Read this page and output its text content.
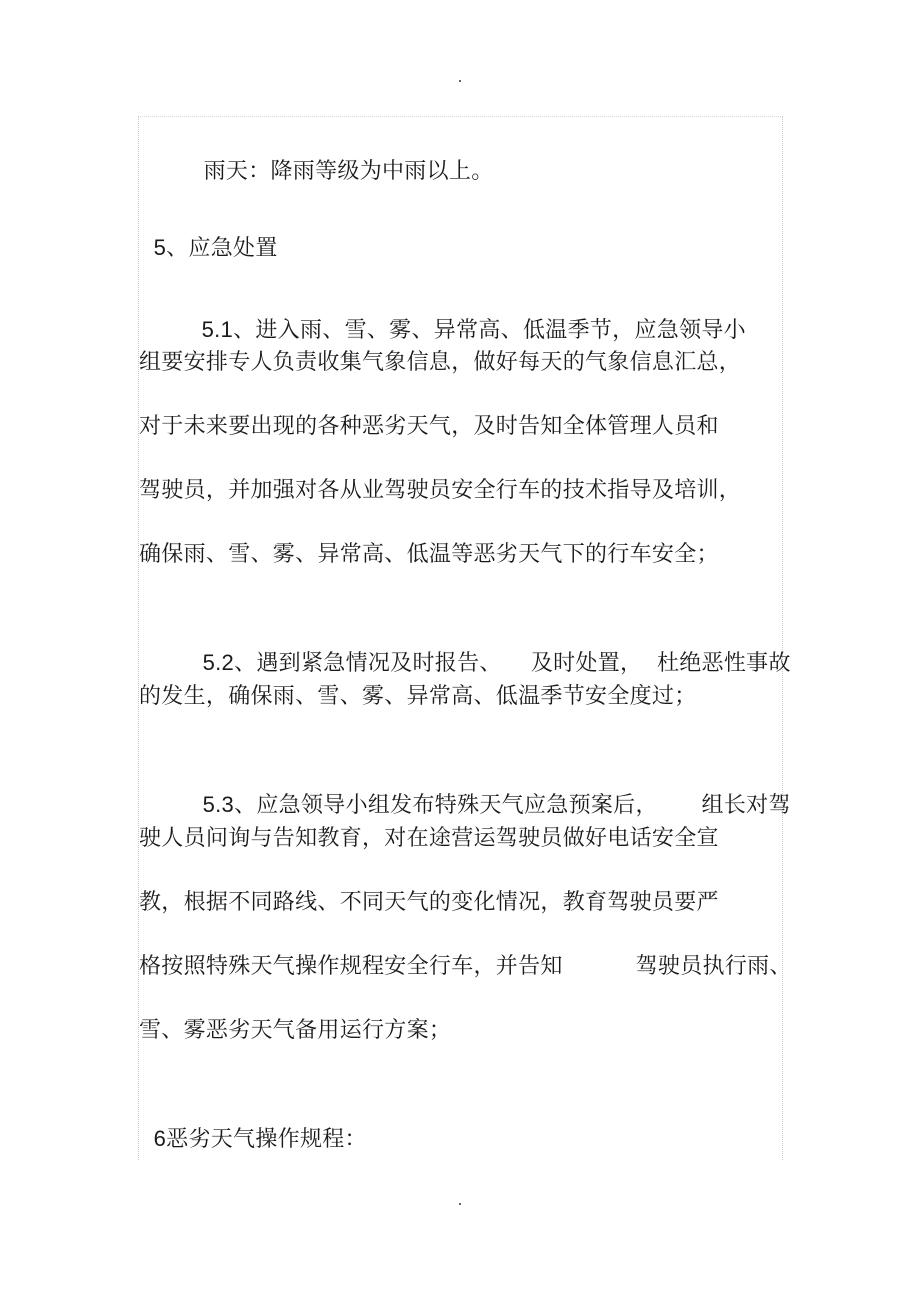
雨天：降雨等级为中雨以上。

5、应急处置

5.1、进入雨、雪、雾、异常高、低温季节，应急领导小

组要安排专人负责收集气象信息，做好每天的气象信息汇总，
对于未来要出现的各种恶劣天气，及时告知全体管理人员和
驾驶员，并加强对各从业驾驶员安全行车的技术指导及培训，
确保雨、雪、雾、异常高、低温等恶劣天气下的行车安全；

5.2、遇到紧急情况及时报告、    及时处置，  杜绝恶性事故

的发生，确保雨、雪、雾、异常高、低温季节安全度过；

5.3、应急领导小组发布特殊天气应急预案后，      组长对驾

驶人员问询与告知教育，对在途营运驾驶员做好电话安全宣
教，根据不同路线、不同天气的变化情况，教育驾驶员要严
格按照特殊天气操作规程安全行车，并告知          驾驶员执行雨、
雪、雾恶劣天气备用运行方案；

6恶劣天气操作规程：
